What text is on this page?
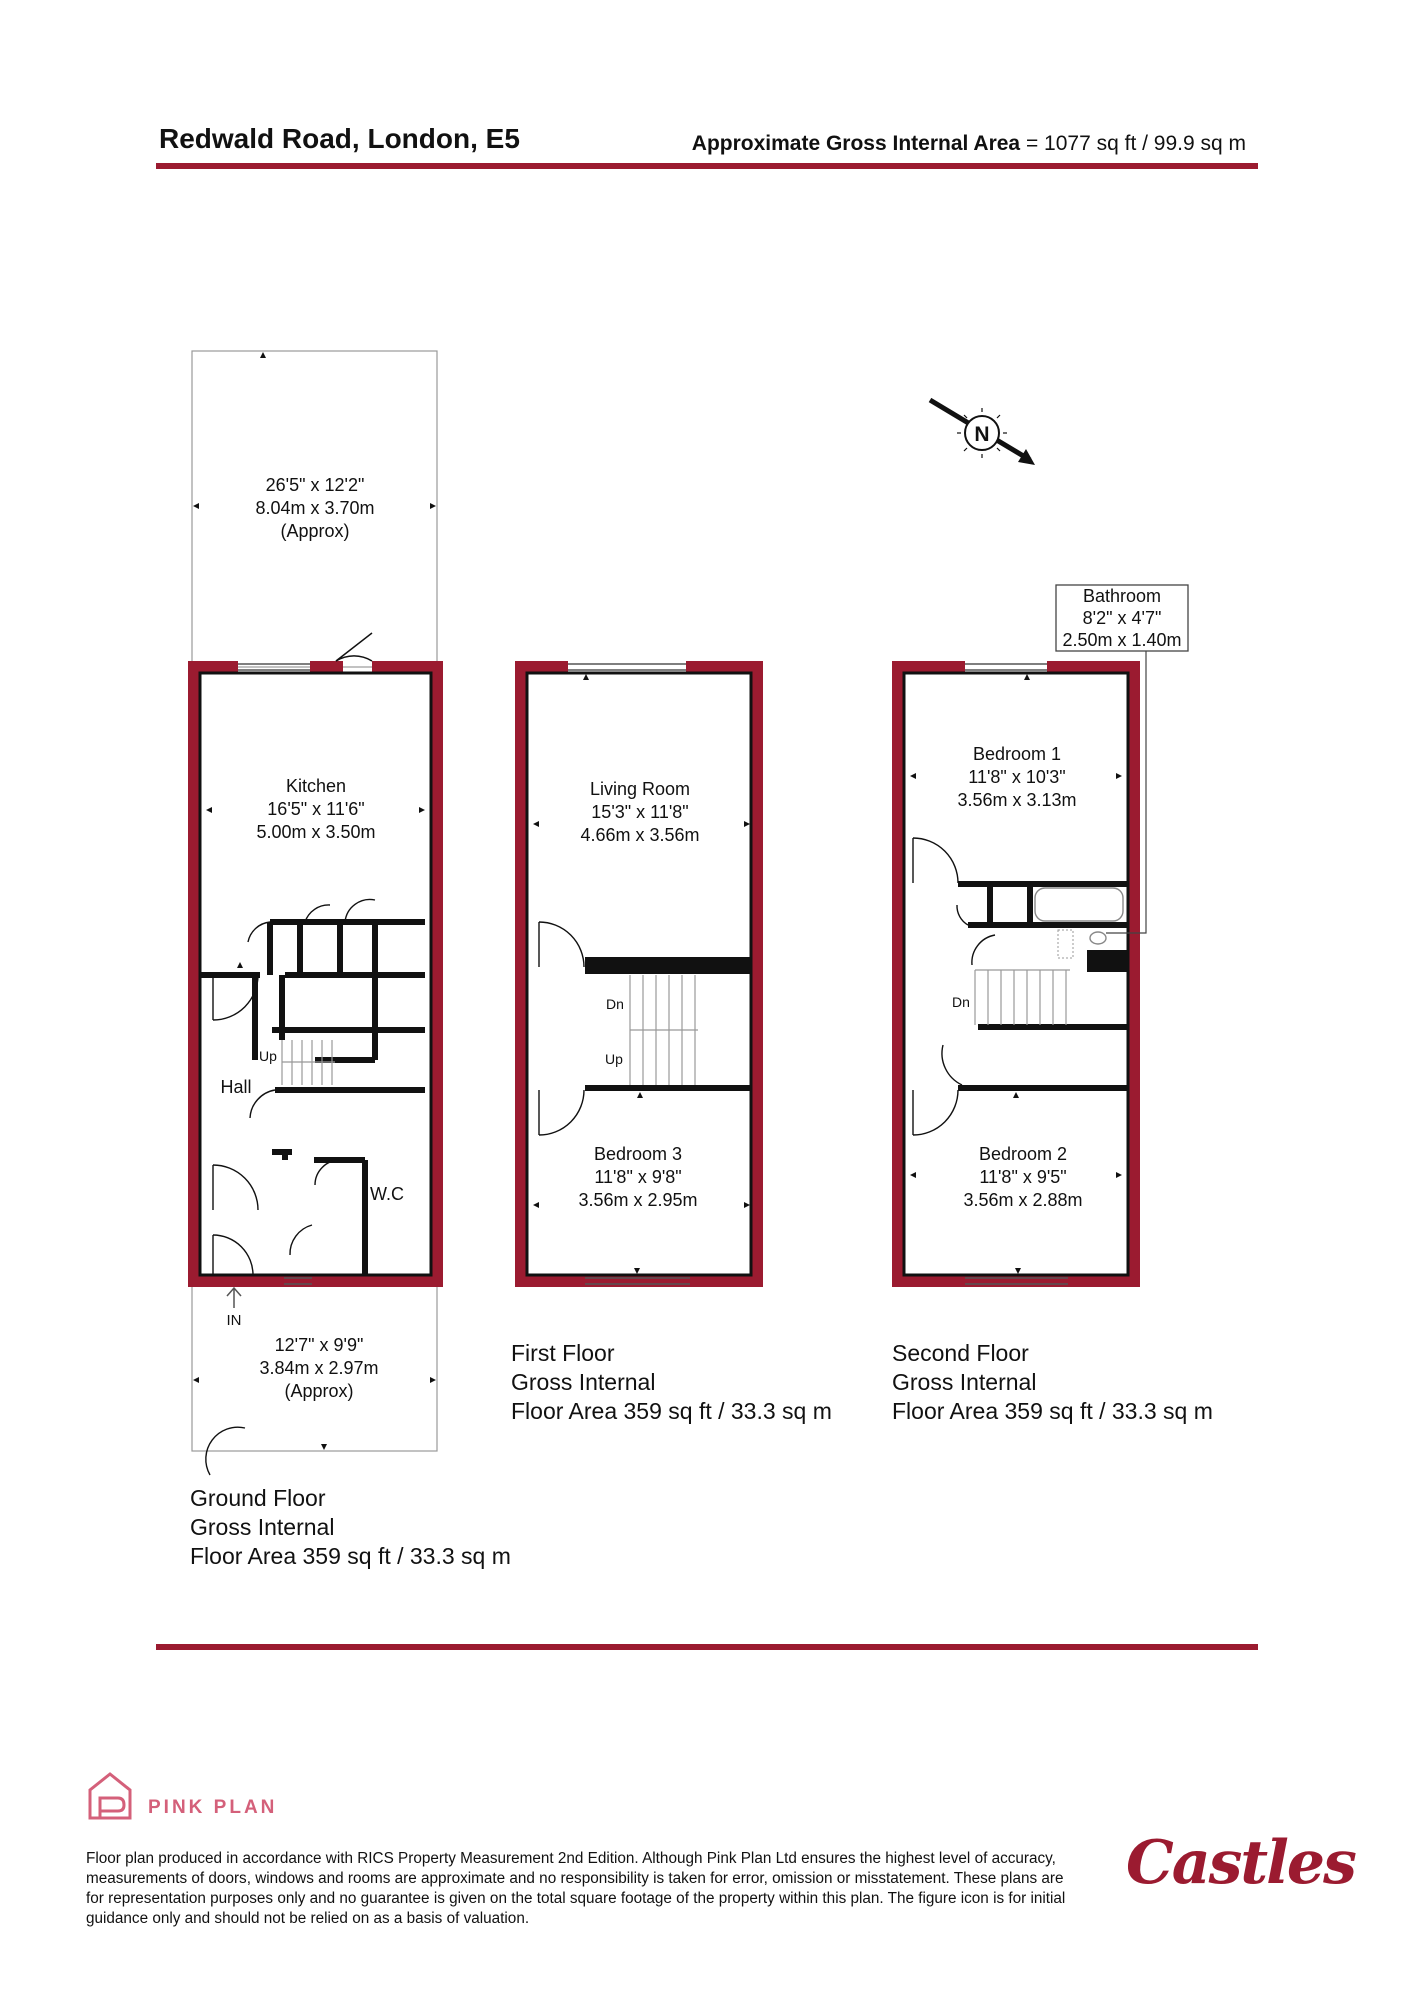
Redwald Road, London, E5	Approximate Gross Internal Area = 1077 sq ft / 99.9 sq m
26'5" x 12'2"
8.04m x 3.70m
(Approx)
Kitchen
16'5" x 11'6"
5.00m x 3.50m
12'7" x 9'9"
3.84m x 2.97m
(Approx)
Hall
W.C
IN
Up
Living Room
15'3" x 11'8"
4.66m x 3.56m
Bedroom 3
11'8" x 9'8"
3.56m x 2.95m
Dn
Up
Bathroom
8'2" x 4'7"
2.50m x 1.40m
Bedroom 1
11'8" x 10'3"
3.56m x 3.13m
Bedroom 2
11'8" x 9'5"
3.56m x 2.88m
Dn
N
Ground Floor
Gross Internal
Floor Area 359 sq ft / 33.3 sq m
First Floor
Gross Internal
Floor Area 359 sq ft / 33.3 sq m
Second Floor
Gross Internal
Floor Area 359 sq ft / 33.3 sq m
PINK PLAN
Floor plan produced in accordance with RICS Property Measurement 2nd Edition. Although Pink Plan Ltd ensures the highest level of accuracy, measurements of doors, windows and rooms are approximate and no responsibility is taken for error, omission or misstatement. These plans are for representation purposes only and no guarantee is given on the total square footage of the property within this plan. The figure icon is for initial guidance only and should not be relied on as a basis of valuation.
Castles
